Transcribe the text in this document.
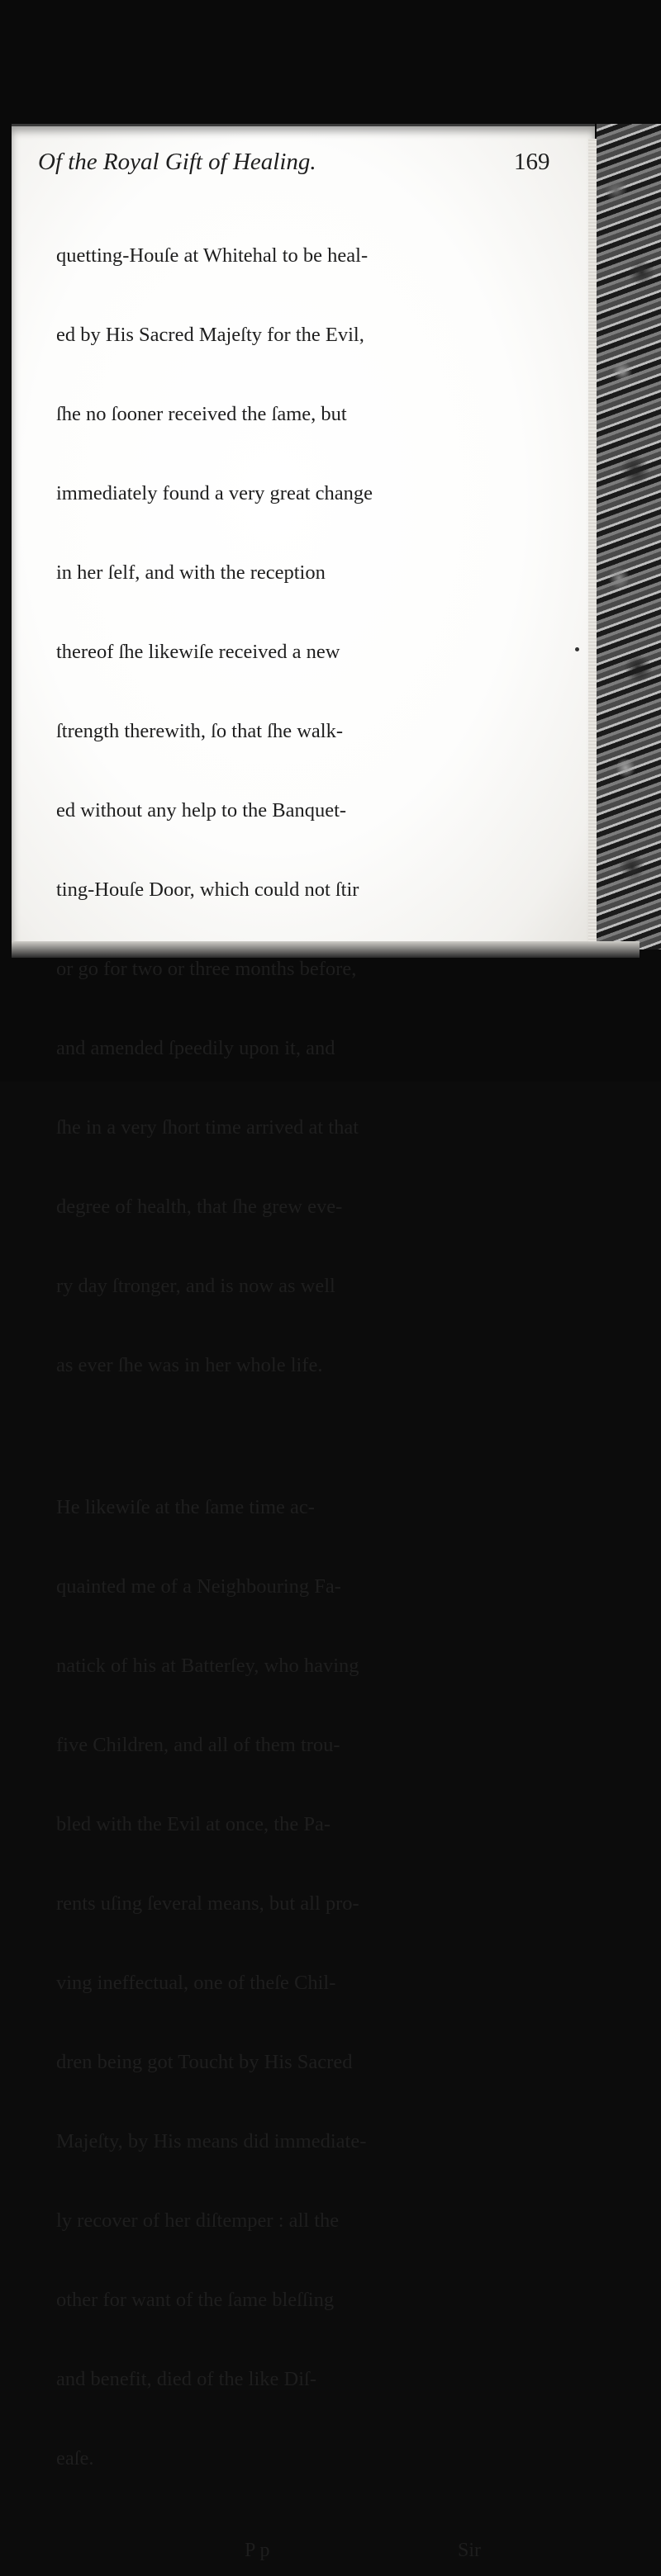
Of the Royal Gift of Healing.	169

quetting-Houſe at Whitehal to be heal-

ed by His Sacred Majeſty for the Evil,

ſhe no ſooner received the ſame, but

immediately found a very great change

in her ſelf, and with the reception

thereof ſhe likewiſe received a new

ſtrength therewith, ſo that ſhe walk-

ed without any help to the Banquet-

ting-Houſe Door, which could not ſtir

or go for two or three months before,

and amended ſpeedily upon it, and

ſhe in a very ſhort time arrived at that

degree of health, that ſhe grew eve-

ry day ſtronger, and is now as well

as ever ſhe was in her whole life.

He likewiſe at the ſame time ac-

quainted me of a Neighbouring Fa-

natick of his at Batterſey, who having

five Children, and all of them trou-

bled with the Evil at once, the Pa-

rents uſing ſeveral means, but all pro-

ving ineffectual, one of theſe Chil-

dren being got Toucht by His Sacred

Majeſty, by His means did immediate-

ly recover of her diſtemper : all the

other for want of the ſame bleſſing

and benefit, died of the like Diſ-

eaſe.

P p	Sir
